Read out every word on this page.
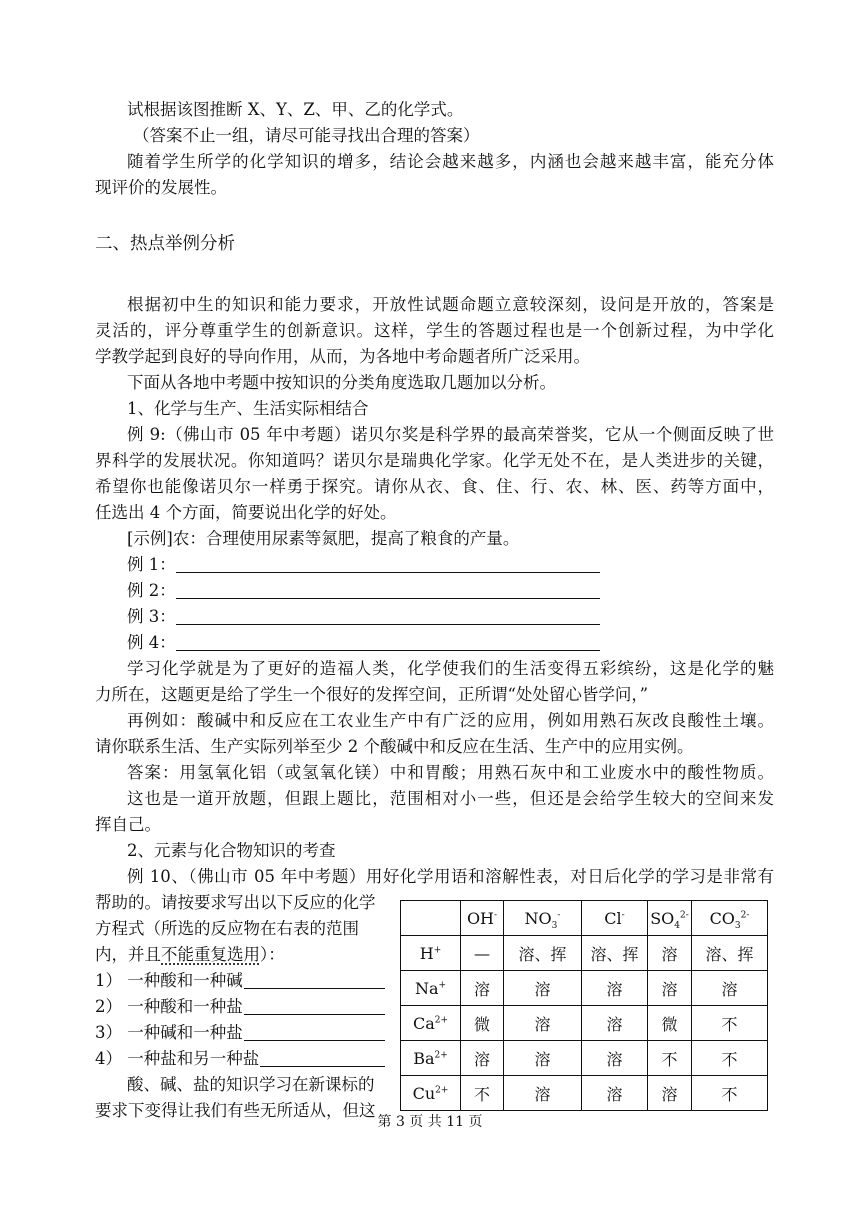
试根据该图推断 X、Y、Z、甲、乙的化学式。
（答案不止一组，请尽可能寻找出合理的答案）
随着学生所学的化学知识的增多，结论会越来越多，内涵也会越来越丰富，能充分体
现评价的发展性。
二、热点举例分析
根据初中生的知识和能力要求，开放性试题命题立意较深刻，设问是开放的，答案是
灵活的，评分尊重学生的创新意识。这样，学生的答题过程也是一个创新过程，为中学化
学教学起到良好的导向作用，从而，为各地中考命题者所广泛采用。
下面从各地中考题中按知识的分类角度选取几题加以分析。
1、化学与生产、生活实际相结合
例 9:（佛山市 05 年中考题）诺贝尔奖是科学界的最高荣誉奖，它从一个侧面反映了世
界科学的发展状况。你知道吗？诺贝尔是瑞典化学家。化学无处不在，是人类进步的关键，
希望你也能像诺贝尔一样勇于探究。请你从衣、食、住、行、农、林、医、药等方面中，
任选出 4 个方面，简要说出化学的好处。
[示例]农：合理使用尿素等氮肥，提高了粮食的产量。
例 1：
例 2：
例 3：
例 4：
学习化学就是为了更好的造福人类，化学使我们的生活变得五彩缤纷，这是化学的魅
力所在，这题更是给了学生一个很好的发挥空间，正所谓“处处留心皆学问，”
再例如：酸碱中和反应在工农业生产中有广泛的应用，例如用熟石灰改良酸性土壤。
请你联系生活、生产实际列举至少 2 个酸碱中和反应在生活、生产中的应用实例。
答案：用氢氧化铝（或氢氧化镁）中和胃酸；用熟石灰中和工业废水中的酸性物质。
这也是一道开放题，但跟上题比，范围相对小一些，但还是会给学生较大的空间来发
挥自己。
2、元素与化合物知识的考查
例 10、（佛山市 05 年中考题）用好化学用语和溶解性表，对日后化学的学习是非常有
帮助的。请按要求写出以下反应的化学
方程式（所选的反应物在右表的范围
内，并且不能重复选用）：
1） 一种酸和一种碱
2） 一种酸和一种盐
3） 一种碱和一种盐
4） 一种盐和另一种盐
酸、碱、盐的知识学习在新课标的
要求下变得让我们有些无所适从，但这
	OH-	$NO_3^-$	Cl-	$SO_4^{2-}$	$CO_3^{2-}$
H+	—	溶、挥	溶、挥	溶	溶、挥
Na+	溶	溶	溶	溶	溶
$Ca^{2+}$	微	溶	溶	微	不
$Ba^{2+}$	溶	溶	溶	不	不
$Cu^{2+}$	不	溶	溶	溶	不
第 3 页 共 11 页
